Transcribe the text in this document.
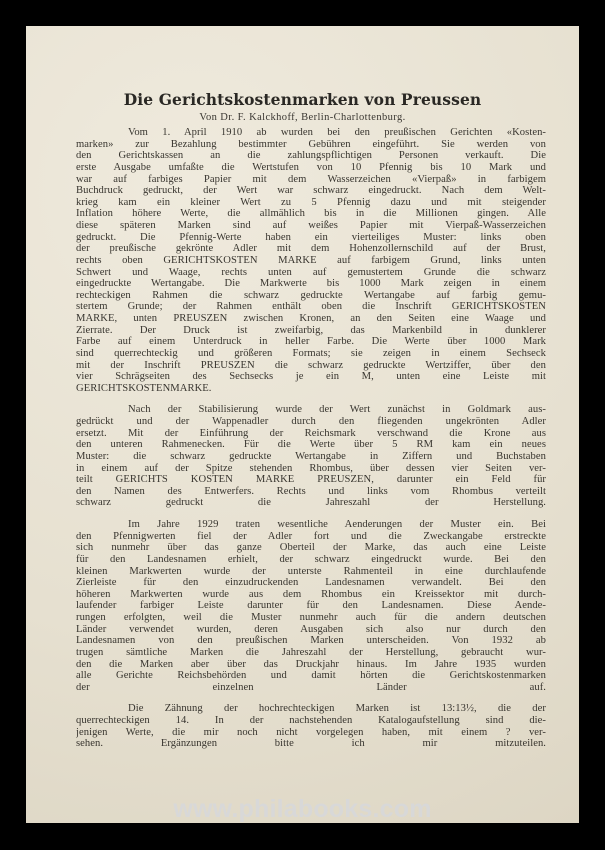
Die Gerichtskostenmarken von Preussen
Von Dr. F. Kalckhoff, Berlin-Charlottenburg.
Vom 1. April 1910 ab wurden bei den preußischen Gerichten «Kosten-
marken» zur Bezahlung bestimmter Gebühren eingeführt. Sie werden von
den Gerichtskassen an die zahlungspflichtigen Personen verkauft. Die
erste Ausgabe umfaßte die Wertstufen von 10 Pfennig bis 10 Mark und
war auf farbiges Papier mit dem Wasserzeichen «Vierpaß» in farbigem
Buchdruck gedruckt, der Wert war schwarz eingedruckt. Nach dem Welt-
krieg kam ein kleiner Wert zu 5 Pfennig dazu und mit steigender
Inflation höhere Werte, die allmählich bis in die Millionen gingen. Alle
diese späteren Marken sind auf weißes Papier mit Vierpaß-Wasserzeichen
gedruckt. Die Pfennig-Werte haben ein vierteiliges Muster: links oben
der preußische gekrönte Adler mit dem Hohenzollernschild auf der Brust,
rechts oben GERICHTSKOSTEN MARKE auf farbigem Grund, links unten
Schwert und Waage, rechts unten auf gemustertem Grunde die schwarz
eingedruckte Wertangabe. Die Markwerte bis 1000 Mark zeigen in einem
rechteckigen Rahmen die schwarz gedruckte Wertangabe auf farbig gemu-
stertem Grunde; der Rahmen enthält oben die Inschrift GERICHTSKOSTEN
MARKE, unten PREUSZEN zwischen Kronen, an den Seiten eine Waage und
Zierrate. Der Druck ist zweifarbig, das Markenbild in dunklerer
Farbe auf einem Unterdruck in heller Farbe. Die Werte über 1000 Mark
sind querrechteckig und größeren Formats; sie zeigen in einem Sechseck
mit der Inschrift PREUSZEN die schwarz gedruckte Wertziffer, über den
vier Schrägseiten des Sechsecks je ein M, unten eine Leiste mit
GERICHTSKOSTENMARKE.
Nach der Stabilisierung wurde der Wert zunächst in Goldmark aus-
gedrückt und der Wappenadler durch den fliegenden ungekrönten Adler
ersetzt. Mit der Einführung der Reichsmark verschwand die Krone aus
den unteren Rahmenecken. Für die Werte über 5 RM kam ein neues
Muster: die schwarz gedruckte Wertangabe in Ziffern und Buchstaben
in einem auf der Spitze stehenden Rhombus, über dessen vier Seiten ver-
teilt GERICHTS KOSTEN MARKE PREUSZEN, darunter ein Feld für
den Namen des Entwerfers. Rechts und links vom Rhombus verteilt
schwarz gedruckt die Jahreszahl der Herstellung.
Im Jahre 1929 traten wesentliche Aenderungen der Muster ein. Bei
den Pfennigwerten fiel der Adler fort und die Zweckangabe erstreckte
sich nunmehr über das ganze Oberteil der Marke, das auch eine Leiste
für den Landesnamen erhielt, der schwarz eingedruckt wurde. Bei den
kleinen Markwerten wurde der unterste Rahmenteil in eine durchlaufende
Zierleiste für den einzudruckenden Landesnamen verwandelt. Bei den
höheren Markwerten wurde aus dem Rhombus ein Kreissektor mit durch-
laufender farbiger Leiste darunter für den Landesnamen. Diese Aende-
rungen erfolgten, weil die Muster nunmehr auch für die andern deutschen
Länder verwendet wurden, deren Ausgaben sich also nur durch den
Landesnamen von den preußischen Marken unterscheiden. Von 1932 ab
trugen sämtliche Marken die Jahreszahl der Herstellung, gebraucht wur-
den die Marken aber über das Druckjahr hinaus. Im Jahre 1935 wurden
alle Gerichte Reichsbehörden und damit hörten die Gerichtskostenmarken
der einzelnen Länder auf.
Die Zähnung der hochrechteckigen Marken ist 13:13½, die der
querrechteckigen 14. In der nachstehenden Katalogaufstellung sind die-
jenigen Werte, die mir noch nicht vorgelegen haben, mit einem ? ver-
sehen. Ergänzungen bitte ich mir mitzuteilen.
www.philabooks.com
